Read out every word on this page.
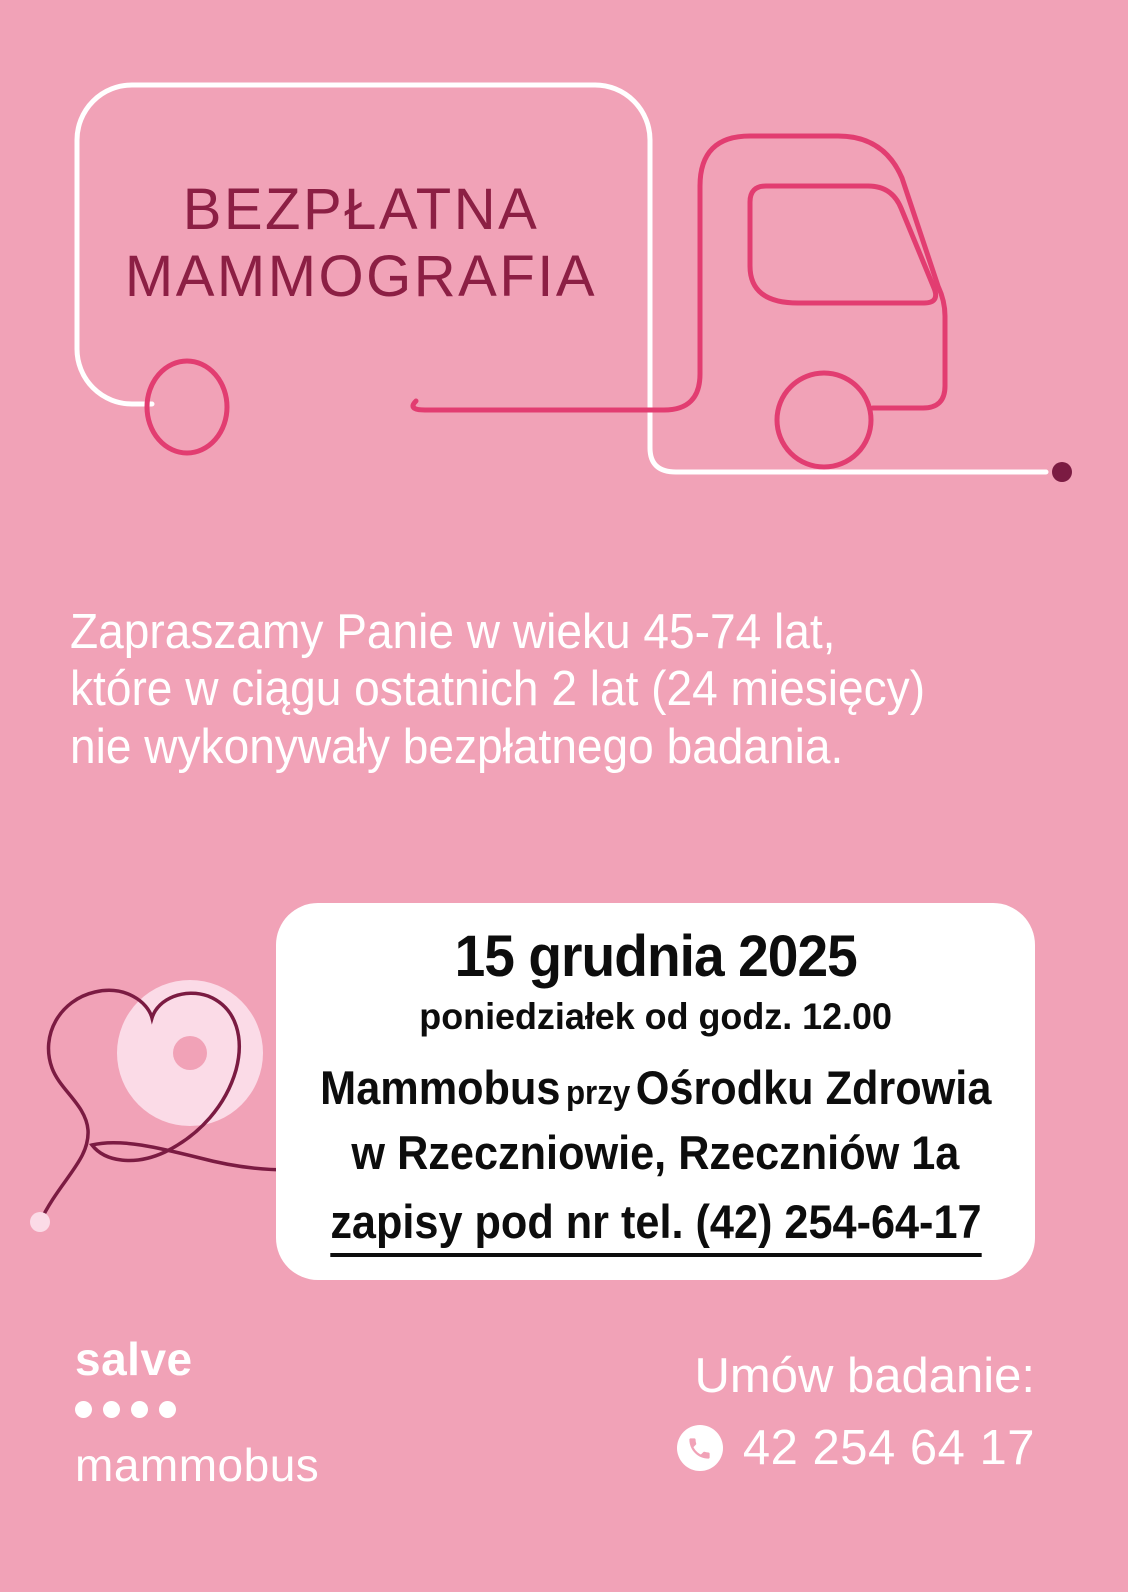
BEZPŁATNA
MAMMOGRAFIA
Zapraszamy Panie w wieku 45-74 lat,
które w ciągu ostatnich 2 lat (24 miesięcy)
nie wykonywały bezpłatnego badania.
15 grudnia 2025
poniedziałek od godz. 12.00
Mammobus przy Ośrodku Zdrowia
w Rzeczniowie, Rzeczniów 1a
zapisy pod nr tel. (42) 254-64-17
salve
mammobus
Umów badanie:
42 254 64 17
